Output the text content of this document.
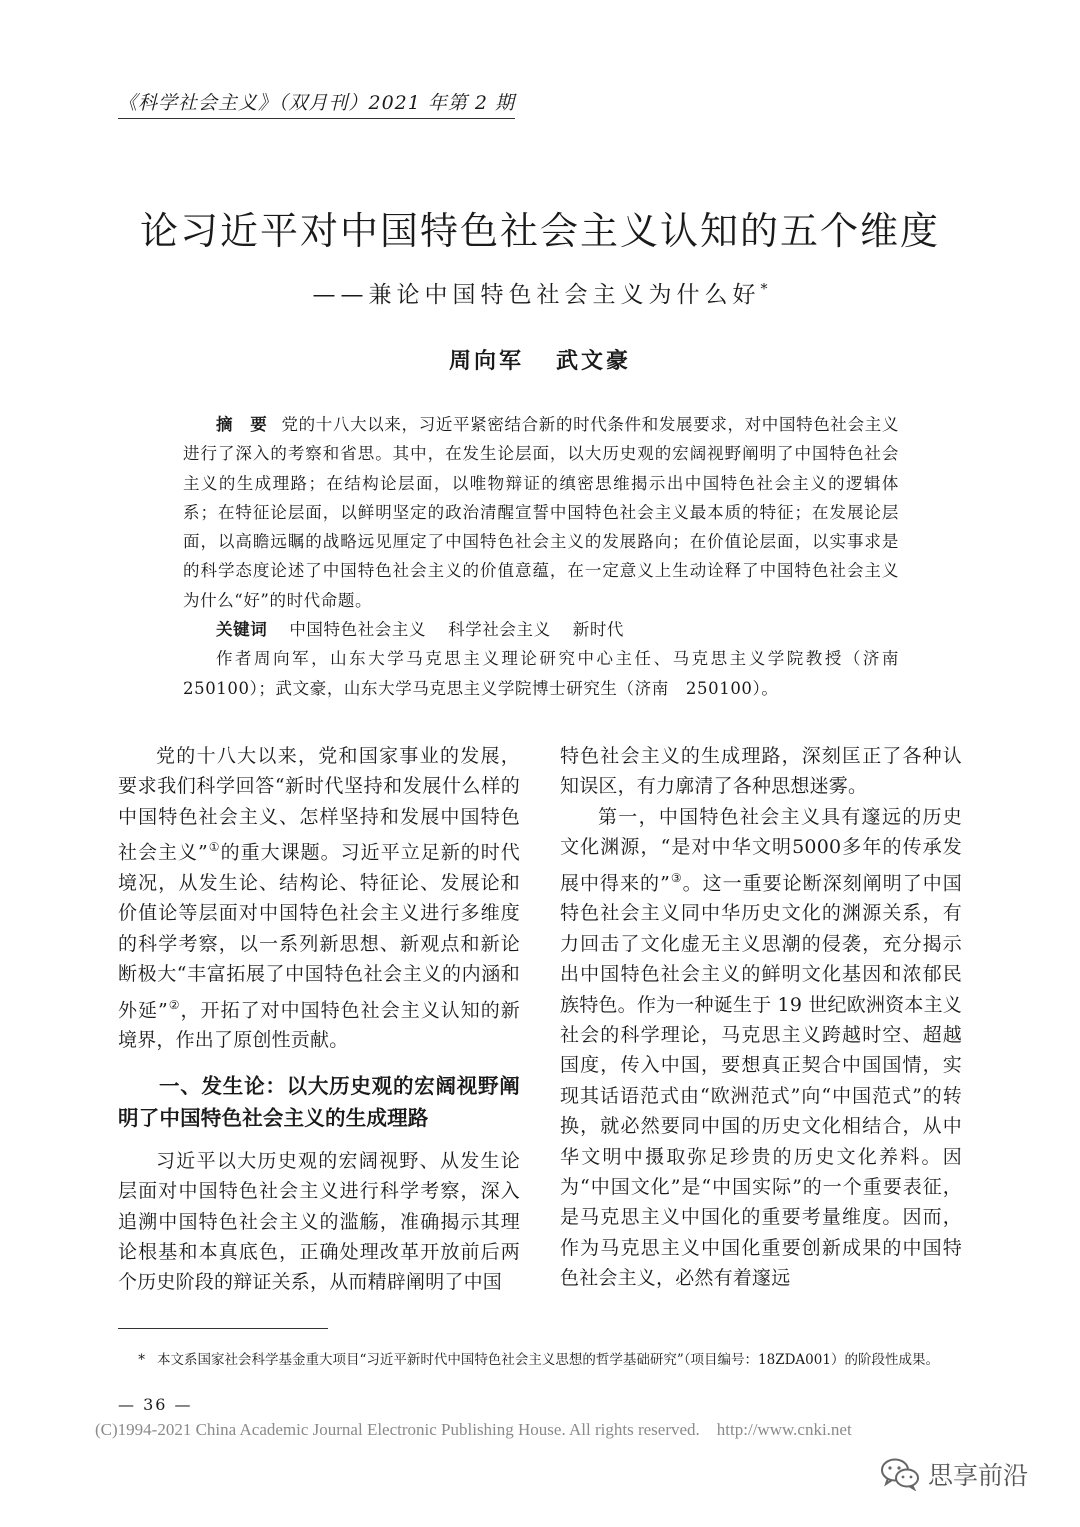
《科学社会主义》（双月刊）2021 年第 2 期
论习近平对中国特色社会主义认知的五个维度
——兼论中国特色社会主义为什么好*
周向军 武文豪

摘　要 党的十八大以来，习近平紧密结合新的时代条件和发展要求，对中国特色社会主义进行了深入的考察和省思。其中，在发生论层面，以大历史观的宏阔视野阐明了中国特色社会主义的生成理路；在结构论层面，以唯物辩证的缜密思维揭示出中国特色社会主义的逻辑体系；在特征论层面，以鲜明坚定的政治清醒宣誓中国特色社会主义最本质的特征；在发展论层面，以高瞻远瞩的战略远见厘定了中国特色社会主义的发展路向；在价值论层面，以实事求是的科学态度论述了中国特色社会主义的价值意蕴，在一定意义上生动诠释了中国特色社会主义为什么“好”的时代命题。

关键词 中国特色社会主义 科学社会主义 新时代

作者周向军，山东大学马克思主义理论研究中心主任、马克思主义学院教授（济南　250100）；武文豪，山东大学马克思主义学院博士研究生（济南　250100）。

党的十八大以来，党和国家事业的发展，要求我们科学回答“新时代坚持和发展什么样的中国特色社会主义、怎样坚持和发展中国特色社会主义”①的重大课题。习近平立足新的时代境况，从发生论、结构论、特征论、发展论和价值论等层面对中国特色社会主义进行多维度的科学考察，以一系列新思想、新观点和新论断极大“丰富拓展了中国特色社会主义的内涵和外延”②，开拓了对中国特色社会主义认知的新境界，作出了原创性贡献。

一、发生论：以大历史观的宏阔视野阐明了中国特色社会主义的生成理路

习近平以大历史观的宏阔视野、从发生论层面对中国特色社会主义进行科学考察，深入追溯中国特色社会主义的滥觞，准确揭示其理论根基和本真底色，正确处理改革开放前后两个历史阶段的辩证关系，从而精辟阐明了中国

特色社会主义的生成理路，深刻匡正了各种认知误区，有力廓清了各种思想迷雾。

第一，中国特色社会主义具有邃远的历史文化渊源，“是对中华文明5000多年的传承发展中得来的”③。这一重要论断深刻阐明了中国特色社会主义同中华历史文化的渊源关系，有力回击了文化虚无主义思潮的侵袭，充分揭示出中国特色社会主义的鲜明文化基因和浓郁民族特色。作为一种诞生于 19 世纪欧洲资本主义社会的科学理论，马克思主义跨越时空、超越国度，传入中国，要想真正契合中国国情，实现其话语范式由“欧洲范式”向“中国范式”的转换，就必然要同中国的历史文化相结合，从中华文明中摄取弥足珍贵的历史文化养料。因为“中国文化”是“中国实际”的一个重要表征，是马克思主义中国化的重要考量维度。因而，作为马克思主义中国化重要创新成果的中国特色社会主义，必然有着邃远

* 本文系国家社会科学基金重大项目“习近平新时代中国特色社会主义思想的哲学基础研究”（项目编号：18ZDA001）的阶段性成果。
— 36 —
(C)1994-2021 China Academic Journal Electronic Publishing House. All rights reserved.    http://www.cnki.net
思享前沿
